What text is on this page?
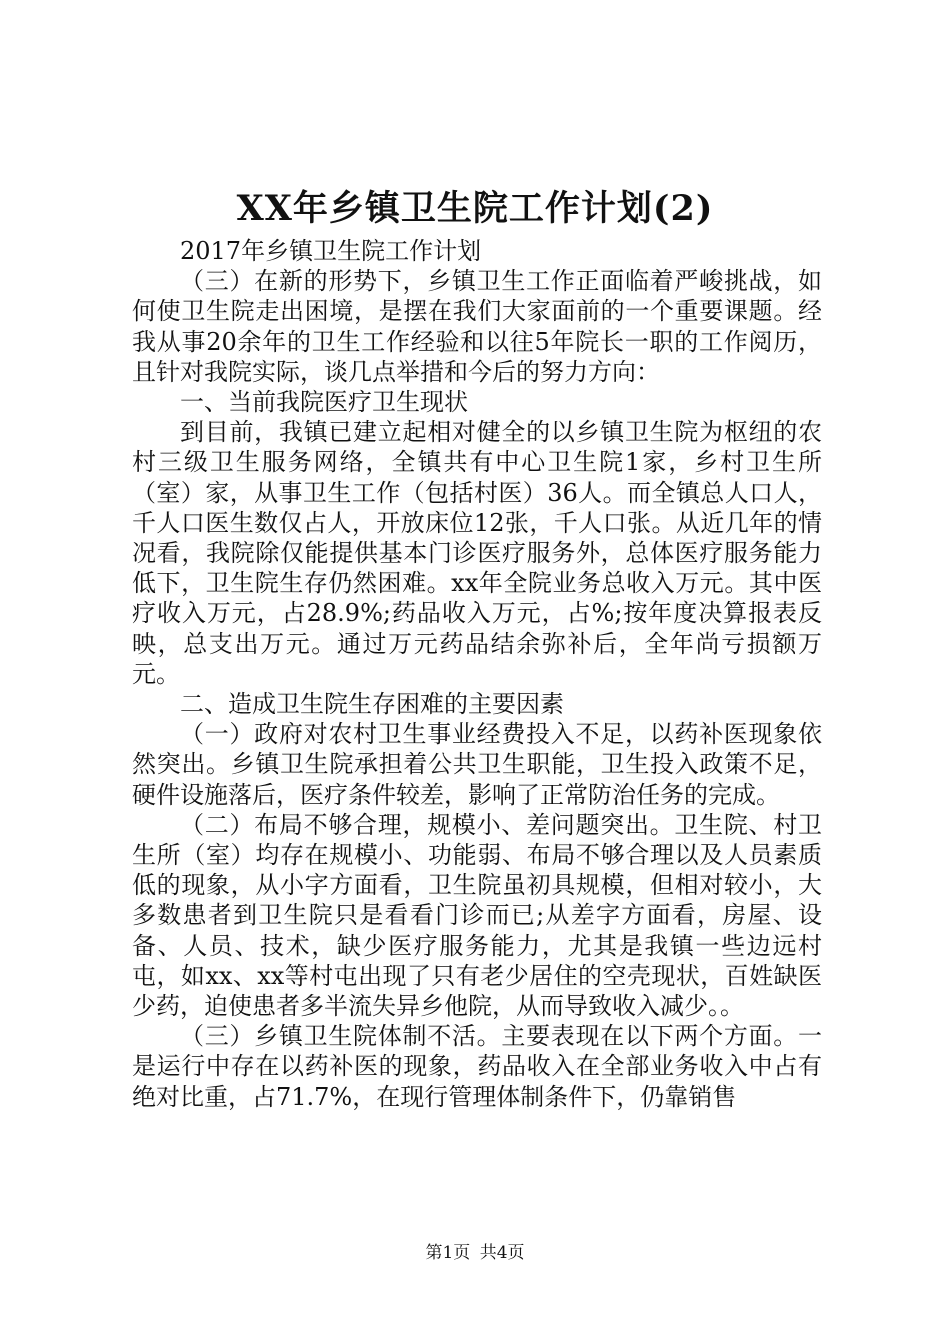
XX年乡镇卫生院工作计划(2)

2017年乡镇卫生院工作计划

（三）在新的形势下，乡镇卫生工作正面临着严峻挑战，如何使卫生院走出困境，是摆在我们大家面前的一个重要课题。经我从事20余年的卫生工作经验和以往5年院长一职的工作阅历，且针对我院实际，谈几点举措和今后的努力方向：

一、当前我院医疗卫生现状

到目前，我镇已建立起相对健全的以乡镇卫生院为枢纽的农村三级卫生服务网络，全镇共有中心卫生院1家，乡村卫生所（室）家，从事卫生工作（包括村医）36人。而全镇总人口人，千人口医生数仅占人，开放床位12张，千人口张。从近几年的情况看，我院除仅能提供基本门诊医疗服务外，总体医疗服务能力低下，卫生院生存仍然困难。xx年全院业务总收入万元。其中医疗收入万元，占28.9%;药品收入万元，占%;按年度决算报表反映，总支出万元。通过万元药品结余弥补后，全年尚亏损额万元。

二、造成卫生院生存困难的主要因素

（一）政府对农村卫生事业经费投入不足，以药补医现象依然突出。乡镇卫生院承担着公共卫生职能，卫生投入政策不足，硬件设施落后，医疗条件较差，影响了正常防治任务的完成。

（二）布局不够合理，规模小、差问题突出。卫生院、村卫生所（室）均存在规模小、功能弱、布局不够合理以及人员素质低的现象，从小字方面看，卫生院虽初具规模，但相对较小，大多数患者到卫生院只是看看门诊而已;从差字方面看，房屋、设备、人员、技术，缺少医疗服务能力，尤其是我镇一些边远村屯，如xx、xx等村屯出现了只有老少居住的空壳现状，百姓缺医少药，迫使患者多半流失异乡他院，从而导致收入减少。。

（三）乡镇卫生院体制不活。主要表现在以下两个方面。一是运行中存在以药补医的现象，药品收入在全部业务收入中占有绝对比重，占71.7%，在现行管理体制条件下，仍靠销售

第1页 共4页
